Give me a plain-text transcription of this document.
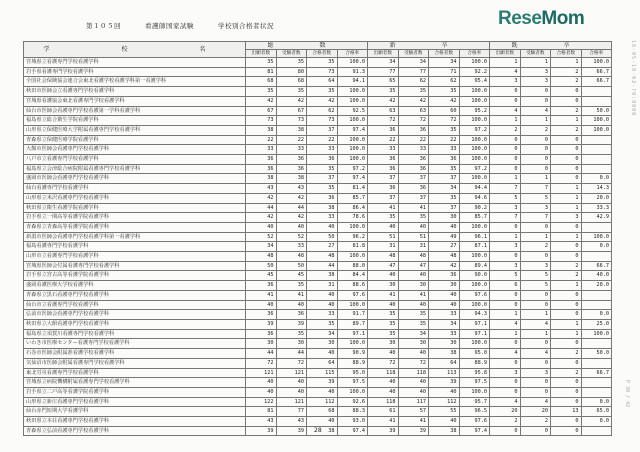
第１０５回	看護師国家試験	学校別合格者状況	ReseMom
16-05-10-02-70:0000
P 30 / 42
学　　校　　名	総　数				新　卒				既　卒			
	出願者数	受験者数	合格者数	合格率	出願者数	受験者数	合格者数	合格率	出願者数	受験者数	合格者数	合格率
宮城県立看護専門学校看護学科	35	35	35	100.0	34	34	34	100.0	1	1	1	100.0
岩手県看護専門学校看護学科	81	80	73	91.3	77	77	71	92.2	4	3	2	66.7
全国社会保険協会連合会東北看護学校看護学科第一看護学科	68	68	64	94.1	65	62	62	95.4	3	3	2	66.7
秋田市医師会立看護専門学校看護学科	35	35	35	100.0	35	35	35	100.0	0	0	0	
宮城県看護協会東北看護専門学校看護学科	42	42	42	100.0	42	42	42	100.0	0	0	0	
仙台市医師会看護専門学校看護第一学科看護学科	67	67	62	92.5	63	63	60	95.2	4	4	2	50.0
福島県立総合衛生学院看護学科	73	73	73	100.0	72	72	72	100.0	1	1	1	100.0
山形県立保健医療大学附属看護専門学校看護学科	38	38	37	97.4	36	36	35	97.2	2	2	2	100.0
青森県立保健医療学院看護学科	22	22	22	100.0	22	22	22	100.0	0	0	0	
大館市医師会看護専門学校看護学科	33	33	33	100.0	33	33	33	100.0	0	0	0	
八戸市立看護専門学校看護学科	36	36	36	100.0	36	36	36	100.0	0	0	0	
福島県立会津総合病院附属看護専門学校看護学科	36	36	35	97.2	36	36	35	97.2	0	0	0	
盛岡市医師会看護専門学校看護学科	38	38	37	97.4	37	37	37	100.0	1	1	0	0.0
仙台看護専門学校看護学科	43	43	35	81.4	36	36	34	94.4	7	7	1	14.3
山形県立米沢看護専門学校看護学科	42	42	36	85.7	37	37	35	94.6	5	5	1	20.0
秋田県立衛生看護学院看護学科	44	44	38	86.4	41	41	37	90.2	3	3	1	33.3
岩手県立一関高等看護学院看護学科	42	42	33	78.6	35	35	30	85.7	7	7	3	42.9
青森県立青森高等看護学院看護学科	40	40	40	100.0	40	40	40	100.0	0	0	0	
新潟市医師会看護専門学校看護学科第一看護学科	52	52	50	96.2	51	51	49	96.1	1	1	1	100.0
福島看護専門学校看護学科	34	33	27	81.8	31	31	27	87.1	3	2	0	0.0
山形市立看護専門学校看護学科	48	48	48	100.0	48	48	48	100.0	0	0	0	
宮城県医師会付属看護専門学校看護学科	50	50	44	88.0	47	47	42	89.4	3	3	2	66.7
岩手県立宮古高等看護学院看護学科	45	45	38	84.4	40	40	36	90.0	5	5	2	40.0
盛岡看護医療大学校看護学科	36	35	31	88.6	30	30	30	100.0	6	5	1	20.0
青森県立黒石看護専門学校看護学科	41	41	40	97.6	41	41	40	97.6	0	0	0	
仙台市立看護専門学校看護学科	40	40	40	100.0	40	40	40	100.0	0	0	0	
弘前市医師会看護専門学校看護学科	36	36	33	91.7	35	35	33	94.3	1	1	0	0.0
秋田県立大館看護専門学校看護学科	39	39	35	89.7	35	35	34	97.1	4	4	1	25.0
福島県立須賀川看護専門学校看護学科	36	35	34	97.1	35	34	33	97.1	1	1	1	100.0
いわき市医療センター看護専門学校看護学科	30	30	30	100.0	30	30	30	100.0	0	0	0	
石巻市医師会附属准看護学校看護学科	44	44	40	90.9	40	40	38	95.0	4	4	2	50.0
気仙沼市医師会附属看護専門学校看護学科	72	72	64	88.9	72	72	64	88.9	0	0	0	
東北労災看護専門学校看護学科	121	121	115	95.0	118	118	113	95.8	3	3	2	66.7
宮城県立病院機構附属看護専門学校看護学科	40	40	39	97.5	40	40	39	97.5	0	0	0	
岩手県立二戸高等看護学院看護学科	40	40	40	100.0	40	40	40	100.0	0	0	0	
山形県立新庄看護専門学校看護学科	122	121	112	92.6	118	117	112	95.7	4	4	0	0.0
仙台赤門短期大学看護学科	81	77	68	88.3	61	57	55	96.5	20	20	13	65.0
秋田県立本荘看護専門学校看護学科	43	43	40	93.0	41	41	40	97.6	2	2	0	0.0
青森県立弘前看護専門学校看護学科	39	39	38	97.4	39	39	38	97.4	0	0	0	
28
